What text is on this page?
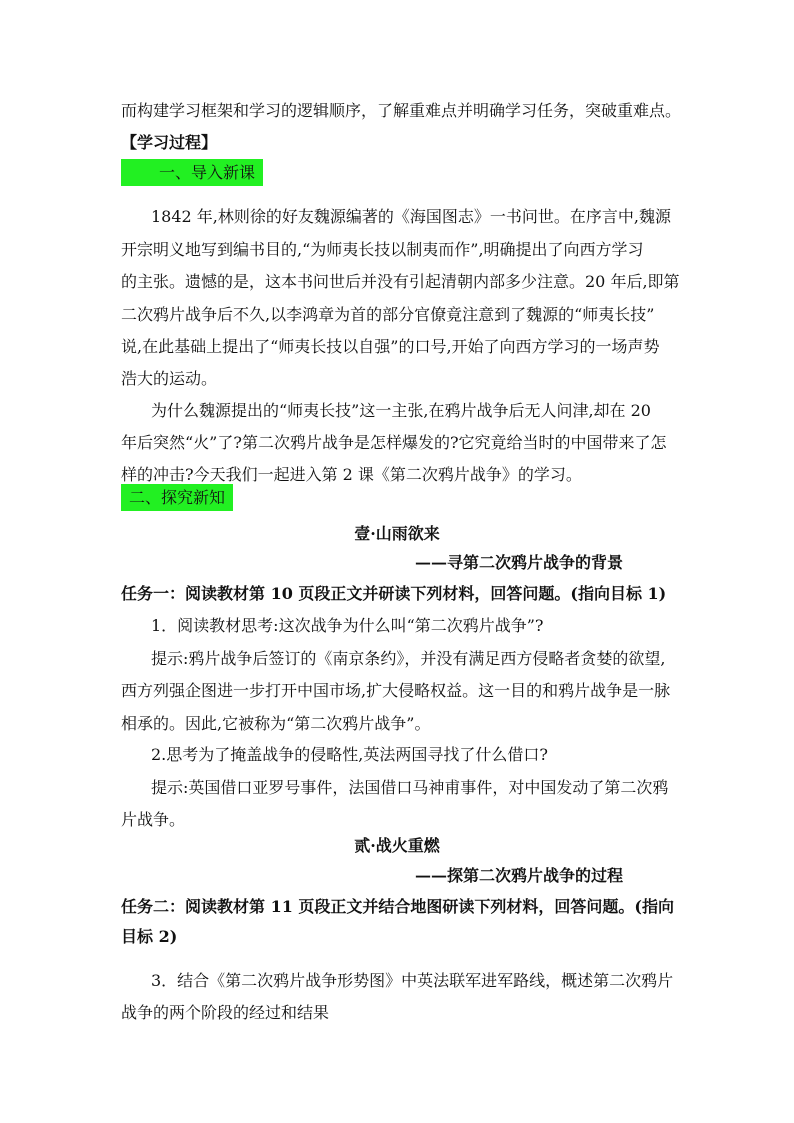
而构建学习框架和学习的逻辑顺序，了解重难点并明确学习任务，突破重难点。
【学习过程】
一、导入新课
1842 年,林则徐的好友魏源编著的《海国图志》一书问世。在序言中,魏源
开宗明义地写到编书目的,“为师夷长技以制夷而作”,明确提出了向西方学习
的主张。遗憾的是，这本书问世后并没有引起清朝内部多少注意。20 年后,即第
二次鸦片战争后不久,以李鸿章为首的部分官僚竟注意到了魏源的“师夷长技”
说,在此基础上提出了“师夷长技以自强”的口号,开始了向西方学习的一场声势
浩大的运动。
为什么魏源提出的“师夷长技”这一主张,在鸦片战争后无人问津,却在 20
年后突然“火”了?第二次鸦片战争是怎样爆发的?它究竟给当时的中国带来了怎
样的冲击?今天我们一起进入第 2 课《第二次鸦片战争》的学习。
二、探究新知
壹·山雨欲来
——寻第二次鸦片战争的背景
任务一：阅读教材第 10 页段正文并研读下列材料，回答问题。(指向目标 1)
1．阅读教材思考:这次战争为什么叫“第二次鸦片战争”?
提示:鸦片战争后签订的《南京条约》，并没有满足西方侵略者贪婪的欲望,
西方列强企图进一步打开中国市场,扩大侵略权益。这一目的和鸦片战争是一脉
相承的。因此,它被称为“第二次鸦片战争”。
2.思考为了掩盖战争的侵略性,英法两国寻找了什么借口?
提示:英国借口亚罗号事件，法国借口马神甫事件，对中国发动了第二次鸦
片战争。
贰·战火重燃
——探第二次鸦片战争的过程
任务二：阅读教材第 11 页段正文并结合地图研读下列材料，回答问题。(指向
目标 2)
3．结合《第二次鸦片战争形势图》中英法联军进军路线，概述第二次鸦片
战争的两个阶段的经过和结果
